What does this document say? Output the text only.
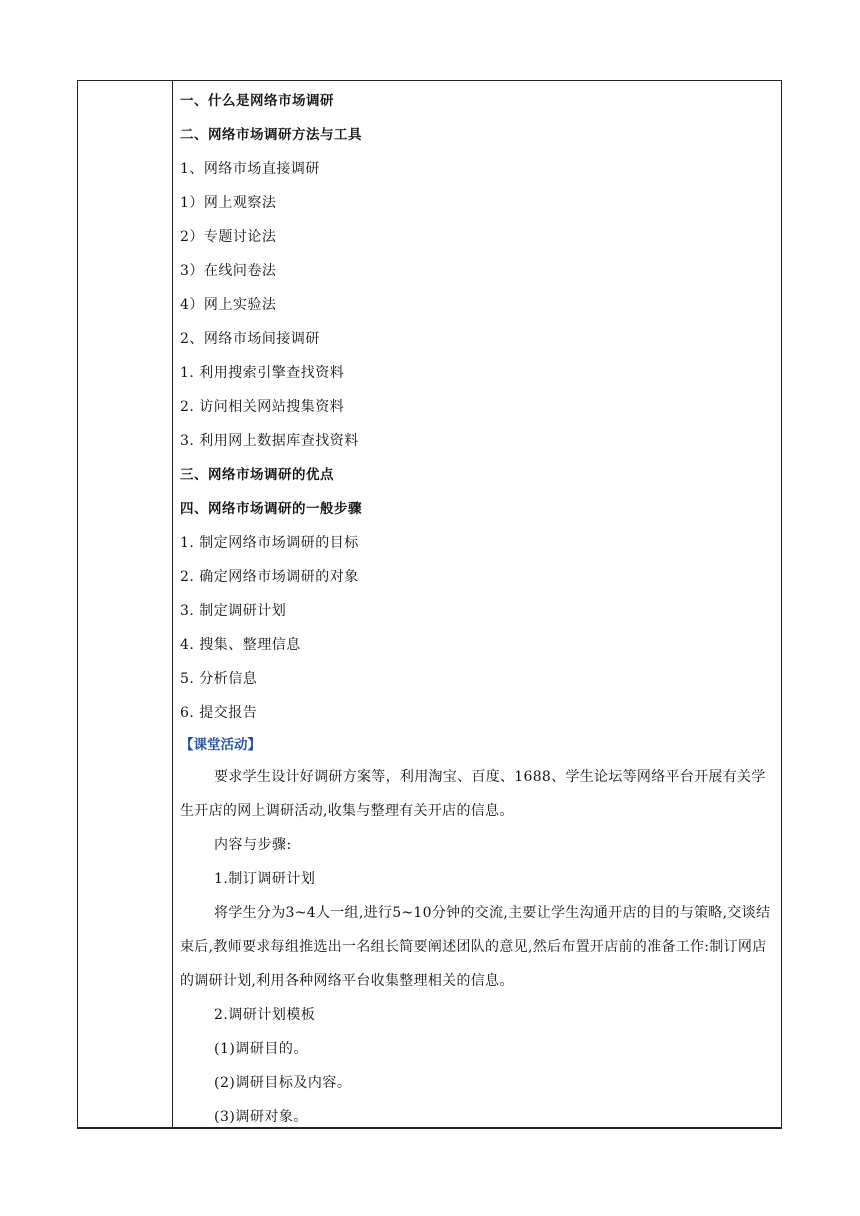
一、什么是网络市场调研
二、网络市场调研方法与工具
1、网络市场直接调研
1）网上观察法
2）专题讨论法
3）在线问卷法
4）网上实验法
2、网络市场间接调研
1. 利用搜索引擎查找资料
2. 访问相关网站搜集资料
3. 利用网上数据库查找资料
三、网络市场调研的优点
四、网络市场调研的一般步骤
1. 制定网络市场调研的目标
2. 确定网络市场调研的对象
3. 制定调研计划
4. 搜集、整理信息
5. 分析信息
6. 提交报告
【课堂活动】

要求学生设计好调研方案等，利用淘宝、百度、1688、学生论坛等网络平台开展有关学生开店的网上调研活动,收集与整理有关开店的信息。

内容与步骤:
1.制订调研计划

将学生分为3~4人一组,进行5~10分钟的交流,主要让学生沟通开店的目的与策略,交谈结束后,教师要求每组推选出一名组长简要阐述团队的意见,然后布置开店前的准备工作:制订网店的调研计划,利用各种网络平台收集整理相关的信息。

2.调研计划模板
(1)调研目的。
(2)调研目标及内容。
(3)调研对象。
